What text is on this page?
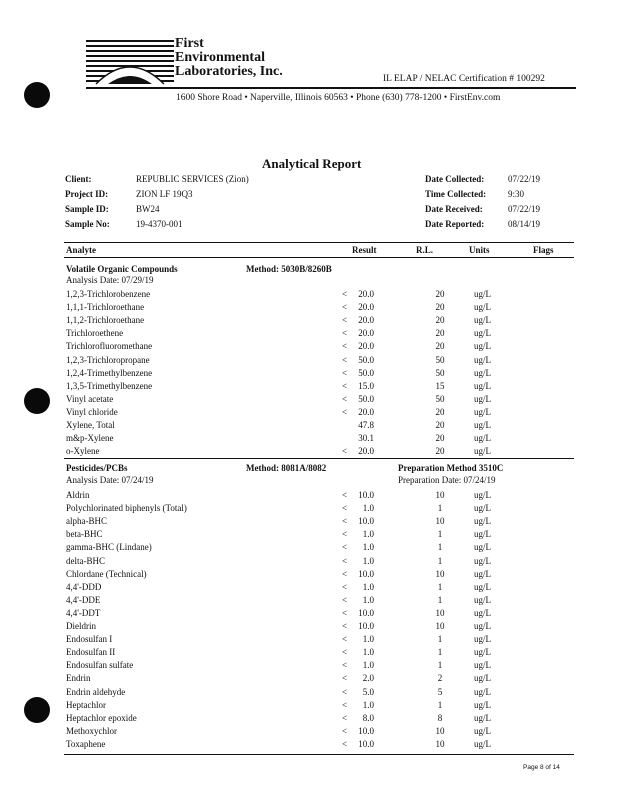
First
Environmental
Laboratories, Inc.	IL ELAP / NELAC Certification # 100292
1600 Shore Road • Naperville, Illinois 60563 • Phone (630) 778-1200 • FirstEnv.com
Analytical Report
Client:	REPUBLIC SERVICES (Zion)
Project ID:	ZION LF 19Q3
Sample ID:	BW24
Sample No:	19-4370-001
Date Collected:	07/22/19
Time Collected: 9:30
Date Received:	07/22/19
Date Reported:	08/14/19
Analyte	Result	R.L.	Units	Flags
Volatile Organic Compounds	Method: 5030B/8260B
Analysis Date: 07/29/19
1,2,3-Trichlorobenzene	< 20.0	20	ug/L
1,1,1-Trichloroethane	< 20.0	20	ug/L
1,1,2-Trichloroethane	< 20.0	20	ug/L
Trichloroethene	< 20.0	20	ug/L
Trichlorofluoromethane	< 20.0	20	ug/L
1,2,3-Trichloropropane	< 50.0	50	ug/L
1,2,4-Trimethylbenzene	< 50.0	50	ug/L
1,3,5-Trimethylbenzene	< 15.0	15	ug/L
Vinyl acetate	< 50.0	50	ug/L
Vinyl chloride	< 20.0	20	ug/L
Xylene, Total	47.8	20	ug/L
m&p-Xylene	30.1	20	ug/L
o-Xylene	< 20.0	20	ug/L
Pesticides/PCBs	Method: 8081A/8082	Preparation Method 3510C
Analysis Date: 07/24/19	Preparation Date: 07/24/19
Aldrin	< 10.0	10	ug/L
Polychlorinated biphenyls (Total)	< 1.0	1	ug/L
alpha-BHC	< 10.0	10	ug/L
beta-BHC	< 1.0	1	ug/L
gamma-BHC (Lindane)	< 1.0	1	ug/L
delta-BHC	< 1.0	1	ug/L
Chlordane (Technical)	< 10.0	10	ug/L
4,4'-DDD	< 1.0	1	ug/L
4,4'-DDE	< 1.0	1	ug/L
4,4'-DDT	< 10.0	10	ug/L
Dieldrin	< 10.0	10	ug/L
Endosulfan I	< 1.0	1	ug/L
Endosulfan II	< 1.0	1	ug/L
Endosulfan sulfate	< 1.0	1	ug/L
Endrin	< 2.0	2	ug/L
Endrin aldehyde	< 5.0	5	ug/L
Heptachlor	< 1.0	1	ug/L
Heptachlor epoxide	< 8.0	8	ug/L
Methoxychlor	< 10.0	10	ug/L
Toxaphene	< 10.0	10	ug/L
Page 8 of 14
